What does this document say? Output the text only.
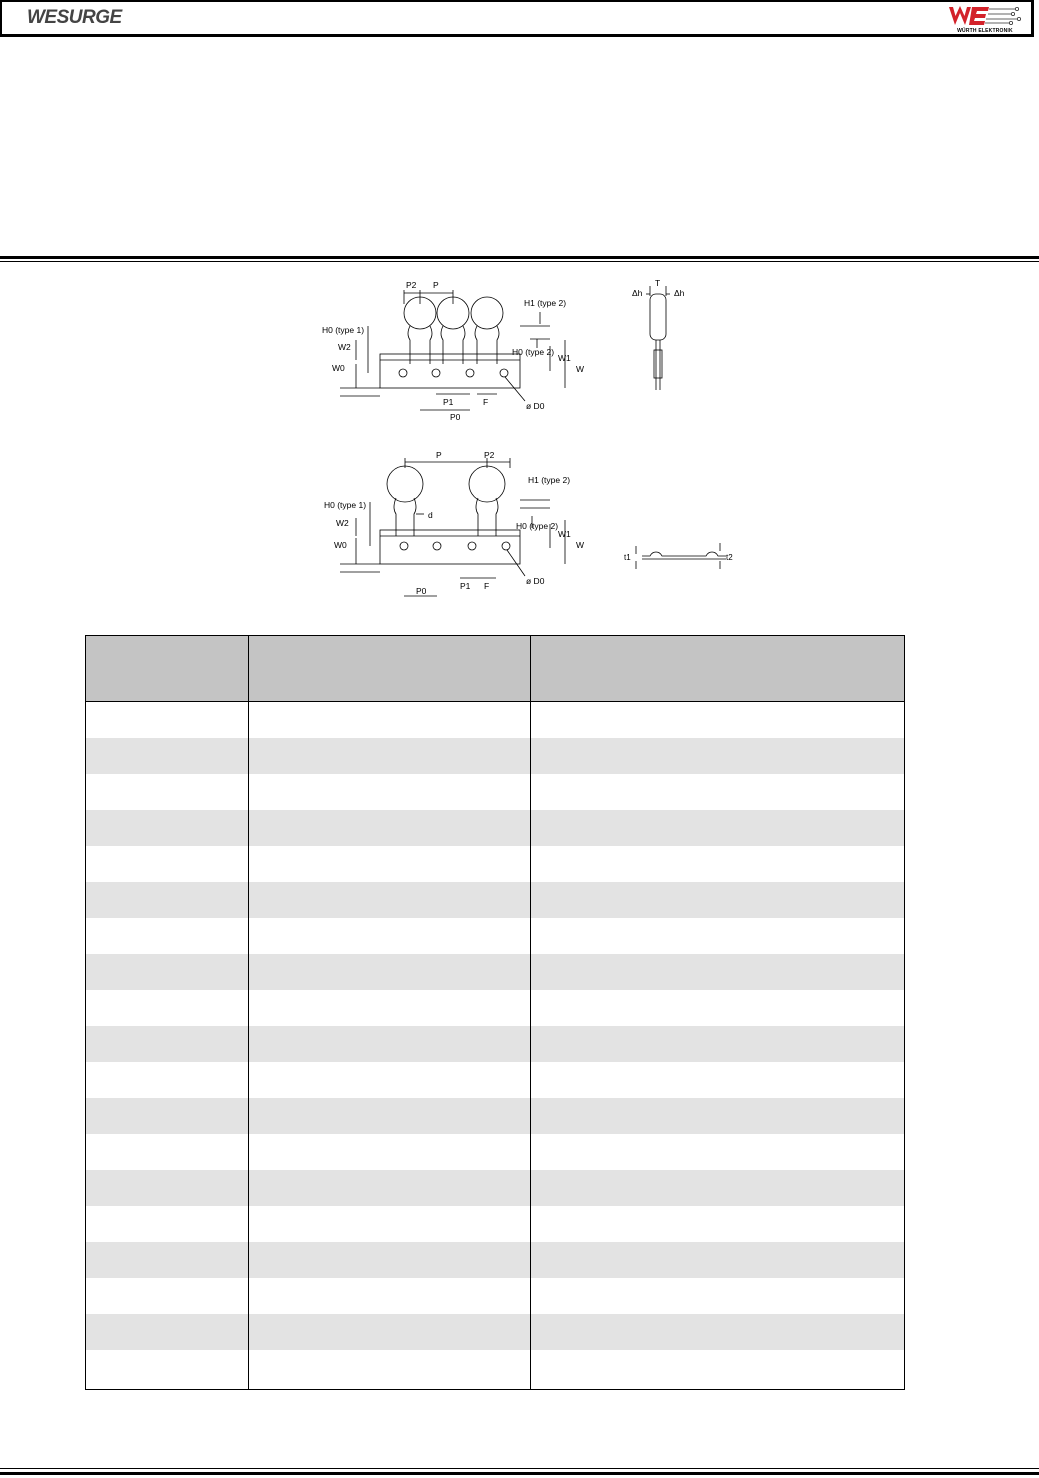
WESURGE
WÜRTH ELEKTRONIK
P2 P
H1 (type 2)
H0 (type 1)
W2
W0
H0 (type 2)
W1
W
P1	F
P0
ø D0
T
Δh	Δh
P	P2
H1 (type 2)
H0 (type 1)
d
W2
W0
H0 (type 2)
W1
W
P0	P1 F	ø D0
t1	t2
